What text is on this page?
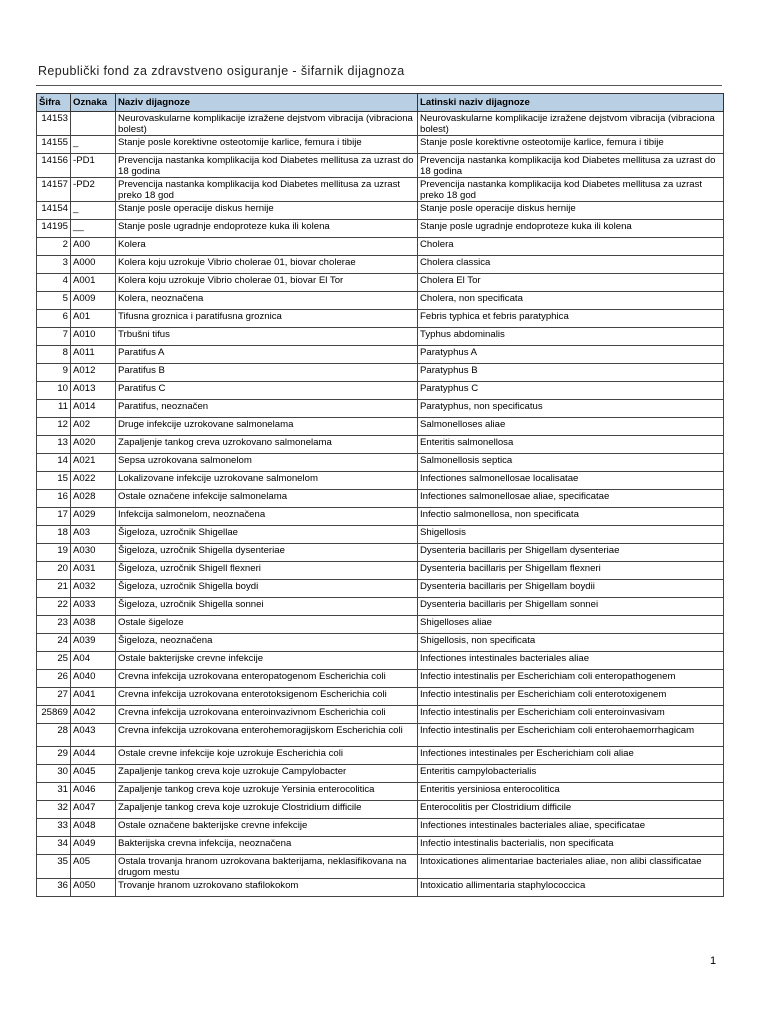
Republički fond za zdravstveno osiguranje - šifarnik dijagnoza
Šifra	Oznaka	Naziv dijagnoze	Latinski naziv dijagnoze
14153		Neurovaskularne komplikacije izražene dejstvom vibracija (vibraciona bolest)	Neurovaskularne komplikacije izražene dejstvom vibracija (vibraciona bolest)
14155	_	Stanje posle korektivne osteotomije karlice, femura i tibije	Stanje posle korektivne osteotomije karlice, femura i tibije
14156	-PD1	Prevencija nastanka komplikacija kod Diabetes mellitusa za uzrast do 18 godina	Prevencija nastanka komplikacija kod Diabetes mellitusa za uzrast do 18 godina
14157	-PD2	Prevencija nastanka komplikacija kod Diabetes mellitusa za uzrast preko 18 god	Prevencija nastanka komplikacija kod Diabetes mellitusa za uzrast preko 18 god
14154	_	Stanje posle operacije diskus hernije	Stanje posle operacije diskus hernije
14195	__	Stanje posle ugradnje endoproteze kuka ili kolena	Stanje posle ugradnje endoproteze kuka ili kolena
2	A00	Kolera	Cholera
3	A000	Kolera koju uzrokuje Vibrio cholerae 01, biovar cholerae	Cholera classica
4	A001	Kolera koju uzrokuje Vibrio cholerae 01, biovar El Tor	Cholera El Tor
5	A009	Kolera, neoznačena	Cholera, non specificata
6	A01	Tifusna groznica i paratifusna groznica	Febris typhica et febris paratyphica
7	A010	Trbušni tifus	Typhus abdominalis
8	A011	Paratifus A	Paratyphus A
9	A012	Paratifus B	Paratyphus B
10	A013	Paratifus C	Paratyphus C
11	A014	Paratifus, neoznačen	Paratyphus, non specificatus
12	A02	Druge infekcije uzrokovane salmonelama	Salmonelloses aliae
13	A020	Zapaljenje tankog creva uzrokovano salmonelama	Enteritis salmonellosa
14	A021	Sepsa uzrokovana salmonelom	Salmonellosis septica
15	A022	Lokalizovane infekcije uzrokovane salmonelom	Infectiones salmonellosae localisatae
16	A028	Ostale označene infekcije salmonelama	Infectiones salmonellosae aliae, specificatae
17	A029	Infekcija salmonelom, neoznačena	Infectio salmonellosa, non specificata
18	A03	Šigeloza, uzročnik Shigellae	Shigellosis
19	A030	Šigeloza, uzročnik Shigella dysenteriae	Dysenteria bacillaris per Shigellam dysenteriae
20	A031	Šigeloza, uzročnik Shigell flexneri	Dysenteria bacillaris per Shigellam flexneri
21	A032	Šigeloza, uzročnik Shigella boydi	Dysenteria bacillaris per Shigellam boydii
22	A033	Šigeloza, uzročnik Shigella sonnei	Dysenteria bacillaris per Shigellam sonnei
23	A038	Ostale šigeloze	Shigelloses aliae
24	A039	Šigeloza, neoznačena	Shigellosis, non specificata
25	A04	Ostale bakterijske crevne infekcije	Infectiones intestinales bacteriales aliae
26	A040	Crevna infekcija uzrokovana enteropatogenom Escherichia coli	Infectio intestinalis per Escherichiam coli enteropathogenem
27	A041	Crevna infekcija uzrokovana enterotoksigenom Escherichia coli	Infectio intestinalis per Escherichiam coli enterotoxigenem
25869	A042	Crevna infekcija uzrokovana enteroinvazivnom Escherichia coli	Infectio intestinalis per Escherichiam coli enteroinvasivam
28	A043	Crevna infekcija uzrokovana enterohemoragijskom Escherichia coli	Infectio intestinalis per Escherichiam coli enterohaemorrhagicam
29	A044	Ostale crevne infekcije koje uzrokuje Escherichia coli	Infectiones intestinales per Escherichiam coli aliae
30	A045	Zapaljenje tankog creva koje uzrokuje Campylobacter	Enteritis campylobacterialis
31	A046	Zapaljenje tankog creva koje uzrokuje Yersinia enterocolitica	Enteritis yersiniosa enterocolitica
32	A047	Zapaljenje tankog creva koje uzrokuje Clostridium difficile	Enterocolitis per Clostridium difficile
33	A048	Ostale označene bakterijske crevne infekcije	Infectiones intestinales bacteriales aliae, specificatae
34	A049	Bakterijska crevna infekcija, neoznačena	Infectio intestinalis bacterialis, non specificata
35	A05	Ostala trovanja hranom uzrokovana bakterijama, neklasifikovana na drugom mestu	Intoxicationes alimentariae bacteriales aliae, non alibi classificatae
36	A050	Trovanje hranom uzrokovano stafilokokom	Intoxicatio allimentaria staphylococcica
1
